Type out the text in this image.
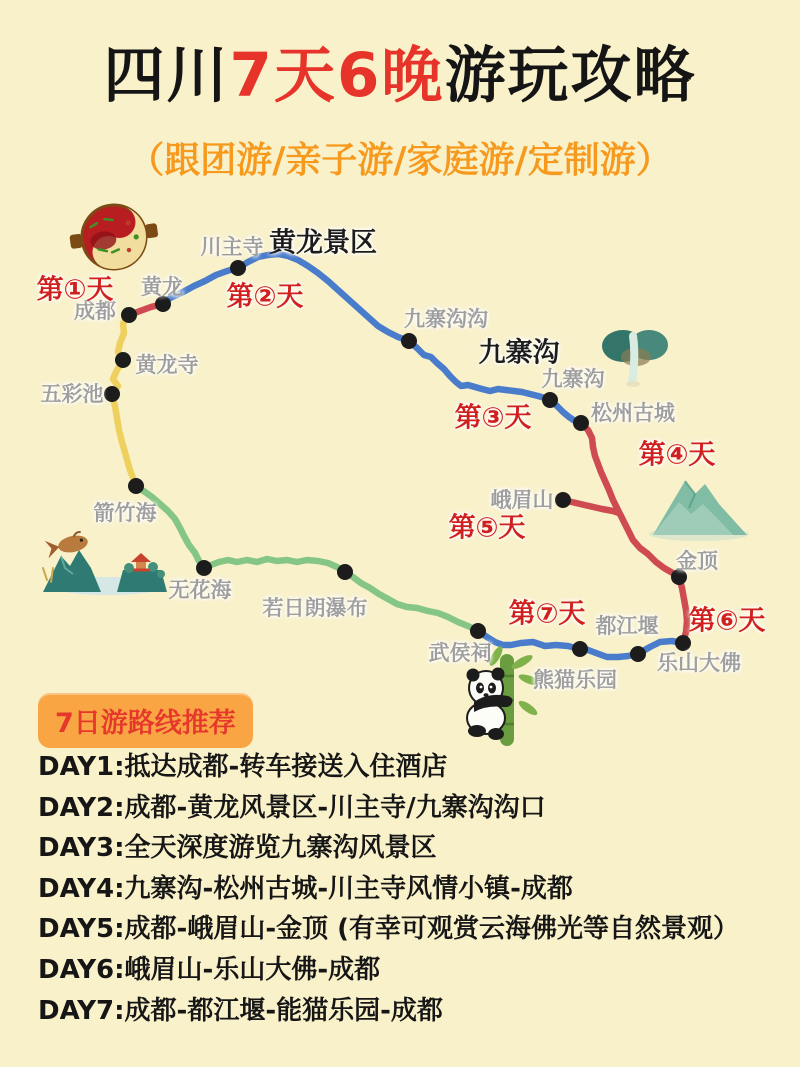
四川7天6晚游玩攻略
（跟团游/亲子游/家庭游/定制游）
成都
黄龙
川主寺 黄龙景区
九寨沟沟
九寨沟
九寨沟
松州古城
峨眉山
金顶
乐山大佛
都江堰
熊猫乐园
武侯祠
若日朗瀑布
无花海
箭竹海
五彩池
黄龙寺
第①天	第②天
第③天
第④天
第⑤天
第⑥天
第⑦天
7日游路线推荐
DAY1:抵达成都-转车接送入住酒店
DAY2:成都-黄龙风景区-川主寺/九寨沟沟口
DAY3:全天深度游览九寨沟风景区
DAY4:九寨沟-松州古城-川主寺风情小镇-成都
DAY5:成都-峨眉山-金顶 (有幸可观赏云海佛光等自然景观）
DAY6:峨眉山-乐山大佛-成都
DAY7:成都-都江堰-能猫乐园-成都
